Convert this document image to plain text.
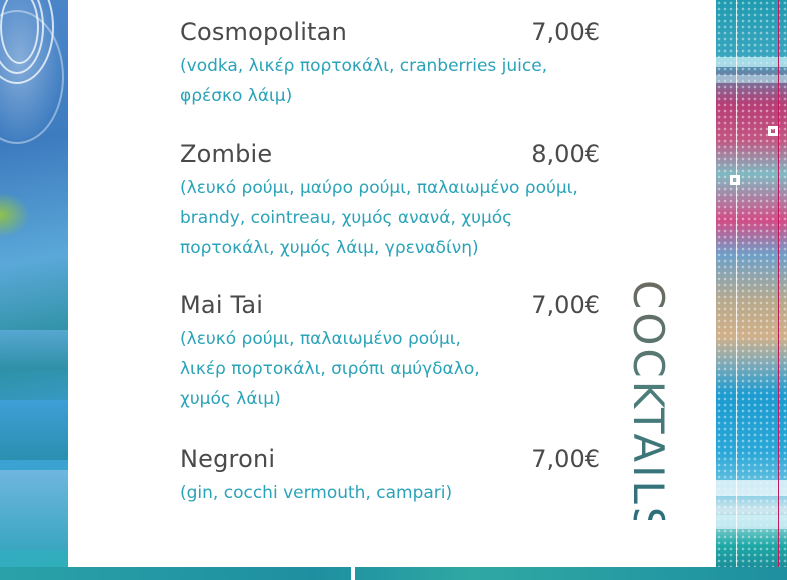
Cosmopolitan	7,00€
(vodka, λικέρ πορτοκάλι, cranberries juice, φρέσκο λάιμ)
Zombie	8,00€
(λευκό ρούμι, μαύρο ρούμι, παλαιωμένο ρούμι, brandy, cointreau, χυμός ανανά, χυμός πορτοκάλι, χυμός λάιμ, γρεναδίνη)
Mai Tai	7,00€
(λευκό ρούμι, παλαιωμένο ρούμι, λικέρ πορτοκάλι, σιρόπι αμύγδαλο, χυμός λάιμ)
Negroni	7,00€
(gin, cocchi vermouth, campari)	COCKTAILS
